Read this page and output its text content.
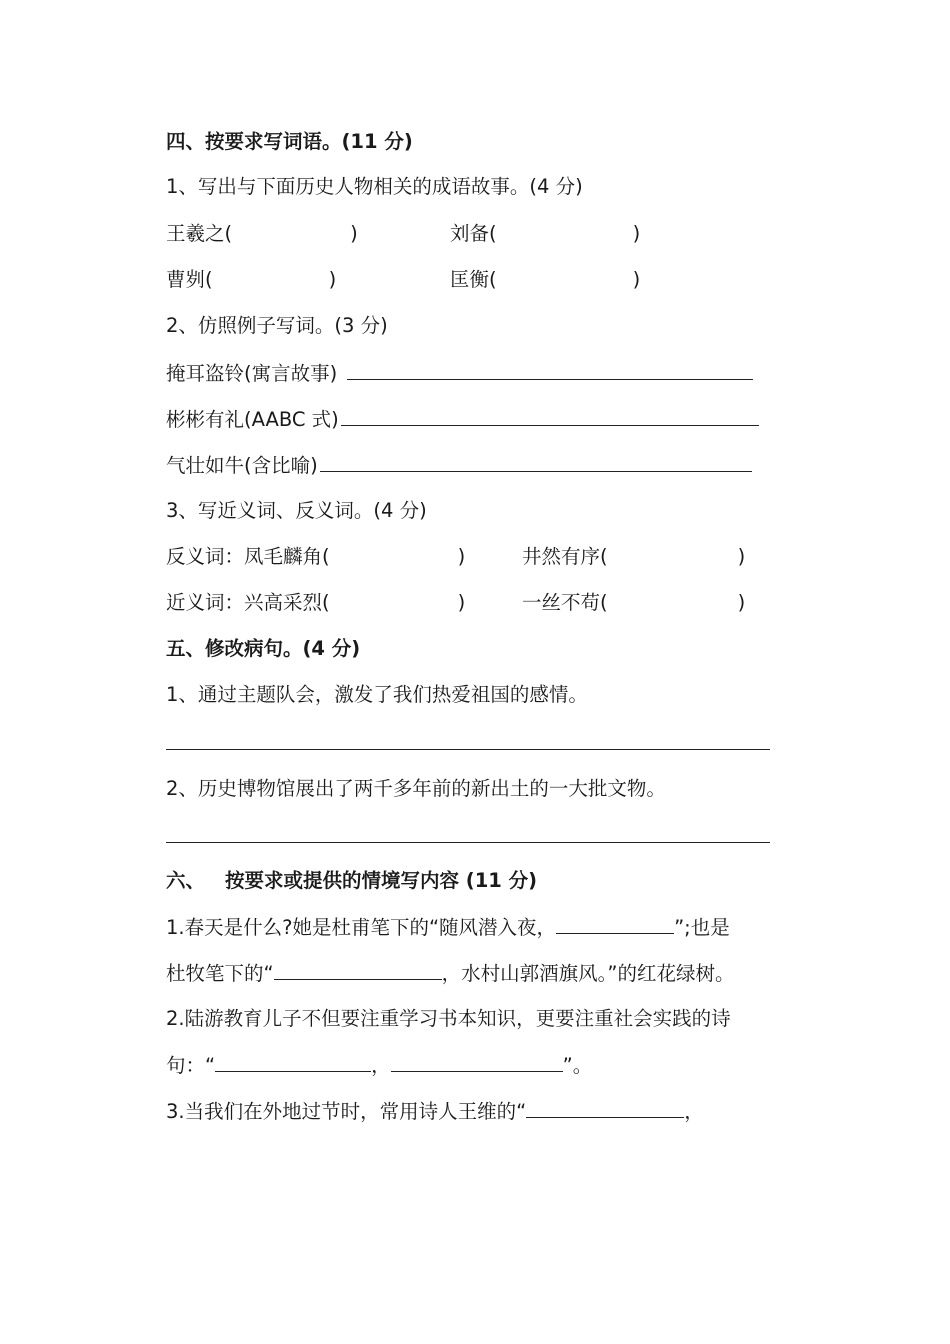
四、按要求写词语。(11 分)
1、写出与下面历史人物相关的成语故事。(4 分)
王羲之(	)	刘备(	)
曹刿(	)	匡衡(	)
2、仿照例子写词。(3 分)
掩耳盗铃(寓言故事)
彬彬有礼(AABC 式)
气壮如牛(含比喻)
3、写近义词、反义词。(4 分)
反义词：凤毛麟角(	)	井然有序(	)
近义词：兴高采烈(	)	一丝不苟(	)
五、修改病句。(4 分)
1、通过主题队会，激发了我们热爱祖国的感情。
2、历史博物馆展出了两千多年前的新出土的一大批文物。
六、 按要求或提供的情境写内容 (11 分)
1.春天是什么?她是杜甫笔下的“随风潜入夜，	”;也是
杜牧笔下的“	，水村山郭酒旗风。”的红花绿树。
2.陆游教育儿子不但要注重学习书本知识，更要注重社会实践的诗
句：“	，	”。
3.当我们在外地过节时，常用诗人王维的“	，
